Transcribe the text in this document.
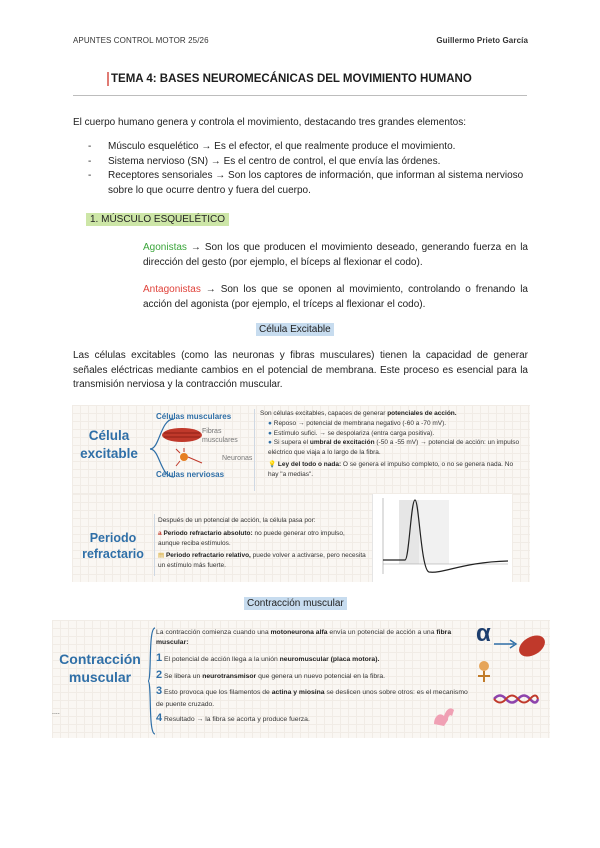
APUNTES CONTROL MOTOR 25/26	Guillermo Prieto García
TEMA 4: BASES NEUROMECÁNICAS DEL MOVIMIENTO HUMANO
El cuerpo humano genera y controla el movimiento, destacando tres grandes elementos:
-	Músculo esquelético → Es el efector, el que realmente produce el movimiento.
-	Sistema nervioso (SN) → Es el centro de control, el que envía las órdenes.
-	Receptores sensoriales → Son los captores de información, que informan al sistema nervioso sobre lo que ocurre dentro y fuera del cuerpo.
1. MÚSCULO ESQUELÉTICO
Agonistas → Son los que producen el movimiento deseado, generando fuerza en la dirección del gesto (por ejemplo, el bíceps al flexionar el codo).
Antagonistas → Son los que se oponen al movimiento, controlando o frenando la acción del agonista (por ejemplo, el tríceps al flexionar el codo).
Célula Excitable
Las células excitables (como las neuronas y fibras musculares) tienen la capacidad de generar señales eléctricas mediante cambios en el potencial de membrana. Este proceso es esencial para la transmisión nerviosa y la contracción muscular.
Célula excitable
Células musculares
Células nerviosas
Fibras musculares
Neuronas
Son células excitables, capaces de generar potenciales de acción.
● Reposo → potencial de membrana negativo (-60 a -70 mV).
● Estímulo sufici. → se despolariza (entra carga positiva).
● Si supera el umbral de excitación (-50 a -55 mV) → potencial de acción: un impulso eléctrico que viaja a lo largo de la fibra.
💡 Ley del todo o nada: O se genera el impulso completo, o no se genera nada. No hay "a medias".
Periodo refractario
Después de un potencial de acción, la célula pasa por:
a Periodo refractario absoluto: no puede generar otro impulso, aunque reciba estímulos.
▤ Periodo refractario relativo, puede volver a activarse, pero necesita un estímulo más fuerte.
Contracción muscular
Contracción muscular
....
La contracción comienza cuando una motoneurona alfa envía un potencial de acción a una fibra muscular:
1 El potencial de acción llega a la unión neuromuscular (placa motora).
2 Se libera un neurotransmisor que genera un nuevo potencial en la fibra.
3 Esto provoca que los filamentos de actina y miosina se deslicen unos sobre otros: es el mecanismo de puente cruzado.
4 Resultado → la fibra se acorta y produce fuerza.
α
